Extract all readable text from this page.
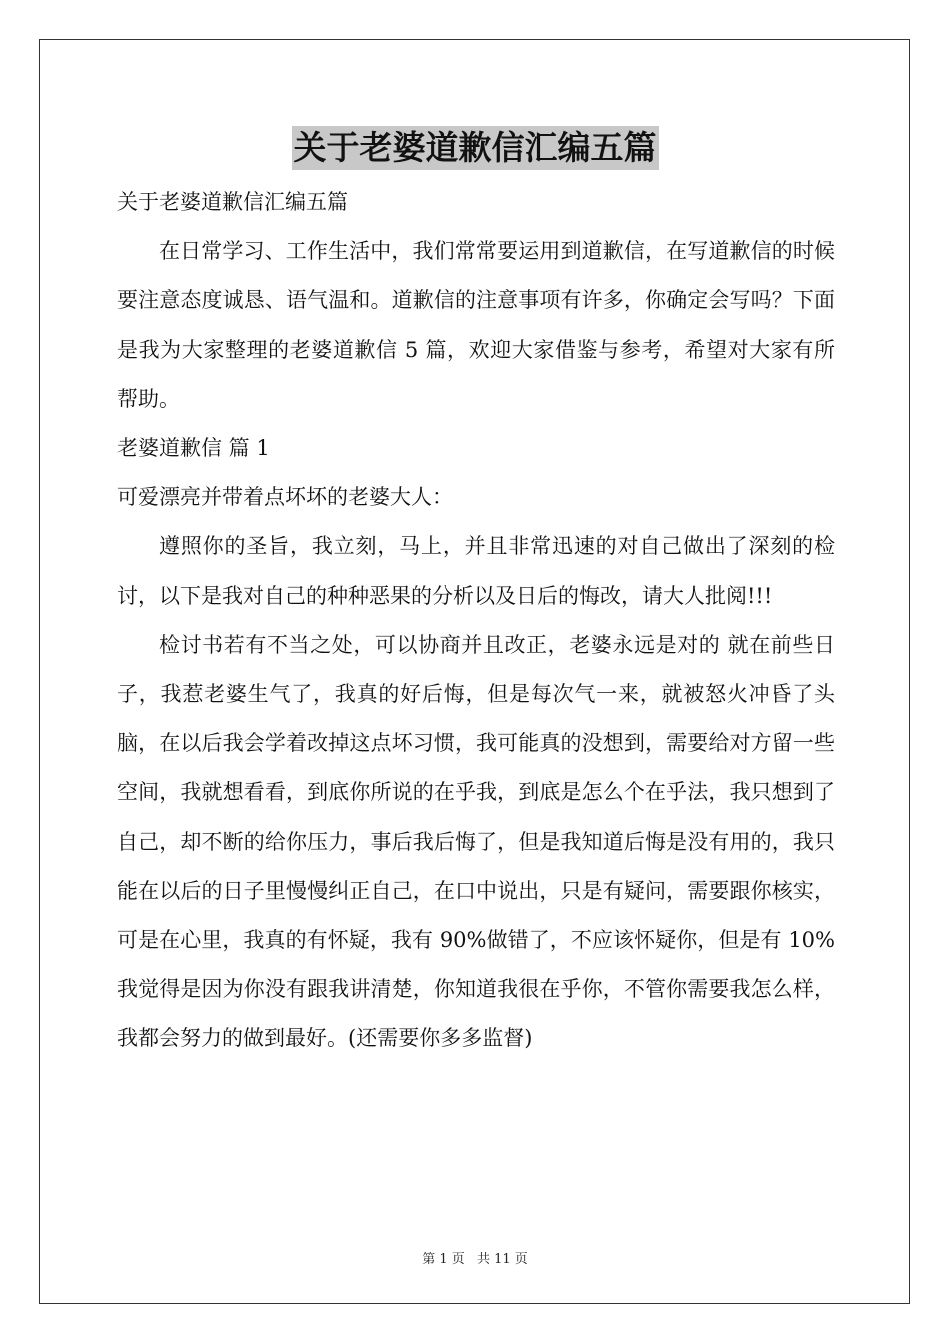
关于老婆道歉信汇编五篇

关于老婆道歉信汇编五篇

在日常学习、工作生活中，我们常常要运用到道歉信，在写道歉信的时候要注意态度诚恳、语气温和。道歉信的注意事项有许多，你确定会写吗？下面是我为大家整理的老婆道歉信 5 篇，欢迎大家借鉴与参考，希望对大家有所帮助。

老婆道歉信 篇 1

可爱漂亮并带着点坏坏的老婆大人：

遵照你的圣旨，我立刻，马上，并且非常迅速的对自己做出了深刻的检讨，以下是我对自己的种种恶果的分析以及日后的悔改，请大人批阅!!!

检讨书若有不当之处，可以协商并且改正，老婆永远是对的 就在前些日子，我惹老婆生气了，我真的好后悔，但是每次气一来，就被怒火冲昏了头脑，在以后我会学着改掉这点坏习惯，我可能真的没想到，需要给对方留一些空间，我就想看看，到底你所说的在乎我，到底是怎么个在乎法，我只想到了自己，却不断的给你压力，事后我后悔了，但是我知道后悔是没有用的，我只能在以后的日子里慢慢纠正自己，在口中说出，只是有疑问，需要跟你核实，可是在心里，我真的有怀疑，我有 90%做错了，不应该怀疑你，但是有 10%我觉得是因为你没有跟我讲清楚，你知道我很在乎你，不管你需要我怎么样，我都会努力的做到最好。(还需要你多多监督)

第 1 页 共 11 页
